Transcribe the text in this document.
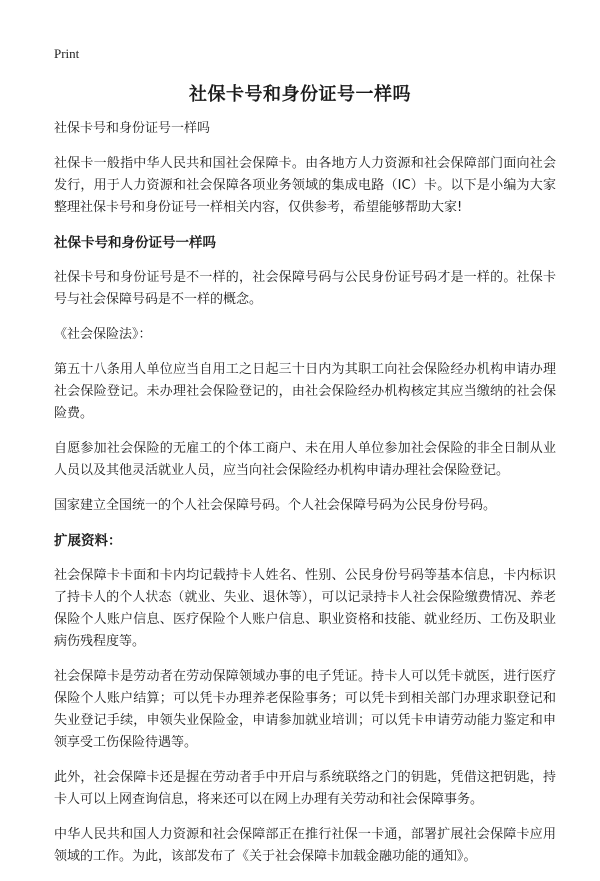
Print
社保卡号和身份证号一样吗

社保卡号和身份证号一样吗

社保卡一般指中华人民共和国社会保障卡。由各地方人力资源和社会保障部门面向社会发行，用于人力资源和社会保障各项业务领域的集成电路（IC）卡。以下是小编为大家整理社保卡号和身份证号一样相关内容，仅供参考，希望能够帮助大家!

社保卡号和身份证号一样吗

社保卡号和身份证号是不一样的，社会保障号码与公民身份证号码才是一样的。社保卡号与社会保障号码是不一样的概念。

《社会保险法》：

第五十八条用人单位应当自用工之日起三十日内为其职工向社会保险经办机构申请办理社会保险登记。未办理社会保险登记的，由社会保险经办机构核定其应当缴纳的社会保险费。

自愿参加社会保险的无雇工的个体工商户、未在用人单位参加社会保险的非全日制从业人员以及其他灵活就业人员，应当向社会保险经办机构申请办理社会保险登记。

国家建立全国统一的个人社会保障号码。个人社会保障号码为公民身份号码。

扩展资料：

社会保障卡卡面和卡内均记载持卡人姓名、性别、公民身份号码等基本信息，卡内标识了持卡人的个人状态（就业、失业、退休等），可以记录持卡人社会保险缴费情况、养老保险个人账户信息、医疗保险个人账户信息、职业资格和技能、就业经历、工伤及职业病伤残程度等。

社会保障卡是劳动者在劳动保障领域办事的电子凭证。持卡人可以凭卡就医，进行医疗保险个人账户结算；可以凭卡办理养老保险事务；可以凭卡到相关部门办理求职登记和失业登记手续，申领失业保险金，申请参加就业培训；可以凭卡申请劳动能力鉴定和申领享受工伤保险待遇等。

此外，社会保障卡还是握在劳动者手中开启与系统联络之门的钥匙，凭借这把钥匙，持卡人可以上网查询信息，将来还可以在网上办理有关劳动和社会保障事务。

中华人民共和国人力资源和社会保障部正在推行社保一卡通，部署扩展社会保障卡应用领域的工作。为此，该部发布了《关于社会保障卡加载金融功能的通知》。
